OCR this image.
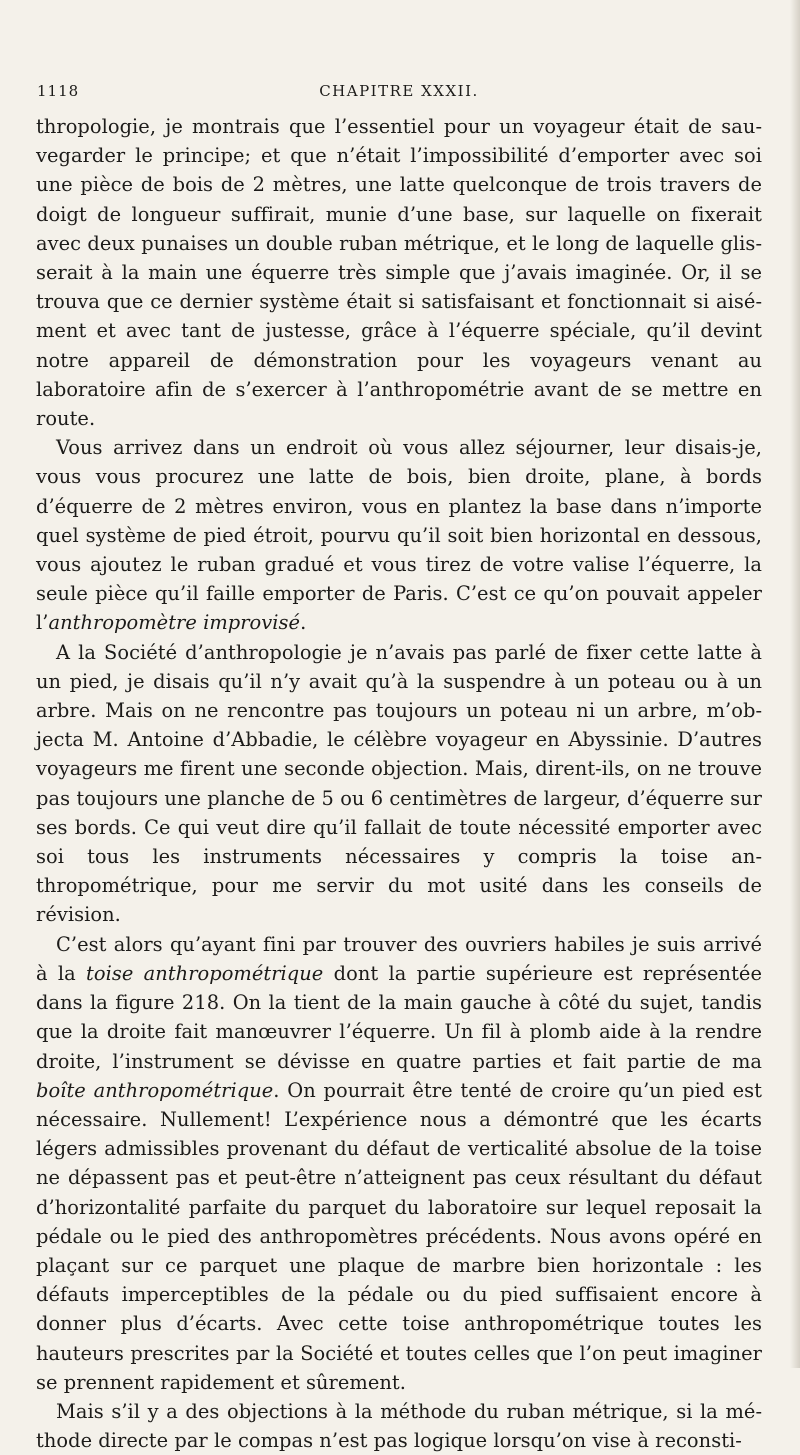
1118	CHAPITRE XXXII.

thropologie, je montrais que l’essentiel pour un voyageur était de sauvegarder le principe; et que n’était l’impossibilité d’emporter avec soi une pièce de bois de 2 mètres, une latte quelconque de trois travers de doigt de longueur suffirait, munie d’une base, sur laquelle on fixerait avec deux punaises un double ruban métrique, et le long de laquelle glisserait à la main une équerre très simple que j’avais imaginée. Or, il se trouva que ce dernier système était si satisfaisant et fonctionnait si aisément et avec tant de justesse, grâce à l’équerre spéciale, qu’il devint notre appareil de démonstration pour les voyageurs venant au laboratoire afin de s’exercer à l’anthropométrie avant de se mettre en route.

Vous arrivez dans un endroit où vous allez séjourner, leur disais-je, vous vous procurez une latte de bois, bien droite, plane, à bords d’équerre de 2 mètres environ, vous en plantez la base dans n’importe quel système de pied étroit, pourvu qu’il soit bien horizontal en dessous, vous ajoutez le ruban gradué et vous tirez de votre valise l’équerre, la seule pièce qu’il faille emporter de Paris. C’est ce qu’on pouvait appeler l’anthropomètre improvisé.

A la Société d’anthropologie je n’avais pas parlé de fixer cette latte à un pied, je disais qu’il n’y avait qu’à la suspendre à un poteau ou à un arbre. Mais on ne rencontre pas toujours un poteau ni un arbre, m’objecta M. Antoine d’Abbadie, le célèbre voyageur en Abyssinie. D’autres voyageurs me firent une seconde objection. Mais, dirent-ils, on ne trouve pas toujours une planche de 5 ou 6 centimètres de largeur, d’équerre sur ses bords. Ce qui veut dire qu’il fallait de toute nécessité emporter avec soi tous les instruments nécessaires y compris la toise anthropométrique, pour me servir du mot usité dans les conseils de révision.

C’est alors qu’ayant fini par trouver des ouvriers habiles je suis arrivé à la toise anthropométrique dont la partie supérieure est représentée dans la figure 218. On la tient de la main gauche à côté du sujet, tandis que la droite fait manœuvrer l’équerre. Un fil à plomb aide à la rendre droite, l’instrument se dévisse en quatre parties et fait partie de ma boîte anthropométrique. On pourrait être tenté de croire qu’un pied est nécessaire. Nullement! L’expérience nous a démontré que les écarts légers admissibles provenant du défaut de verticalité absolue de la toise ne dépassent pas et peut-être n’atteignent pas ceux résultant du défaut d’horizontalité parfaite du parquet du laboratoire sur lequel reposait la pédale ou le pied des anthropomètres précédents. Nous avons opéré en plaçant sur ce parquet une plaque de marbre bien horizontale : les défauts imperceptibles de la pédale ou du pied suffisaient encore à donner plus d’écarts. Avec cette toise anthropométrique toutes les hauteurs prescrites par la Société et toutes celles que l’on peut imaginer se prennent rapidement et sûrement.

Mais s’il y a des objections à la méthode du ruban métrique, si la méthode directe par le compas n’est pas logique lorsqu’on vise à reconsti-
